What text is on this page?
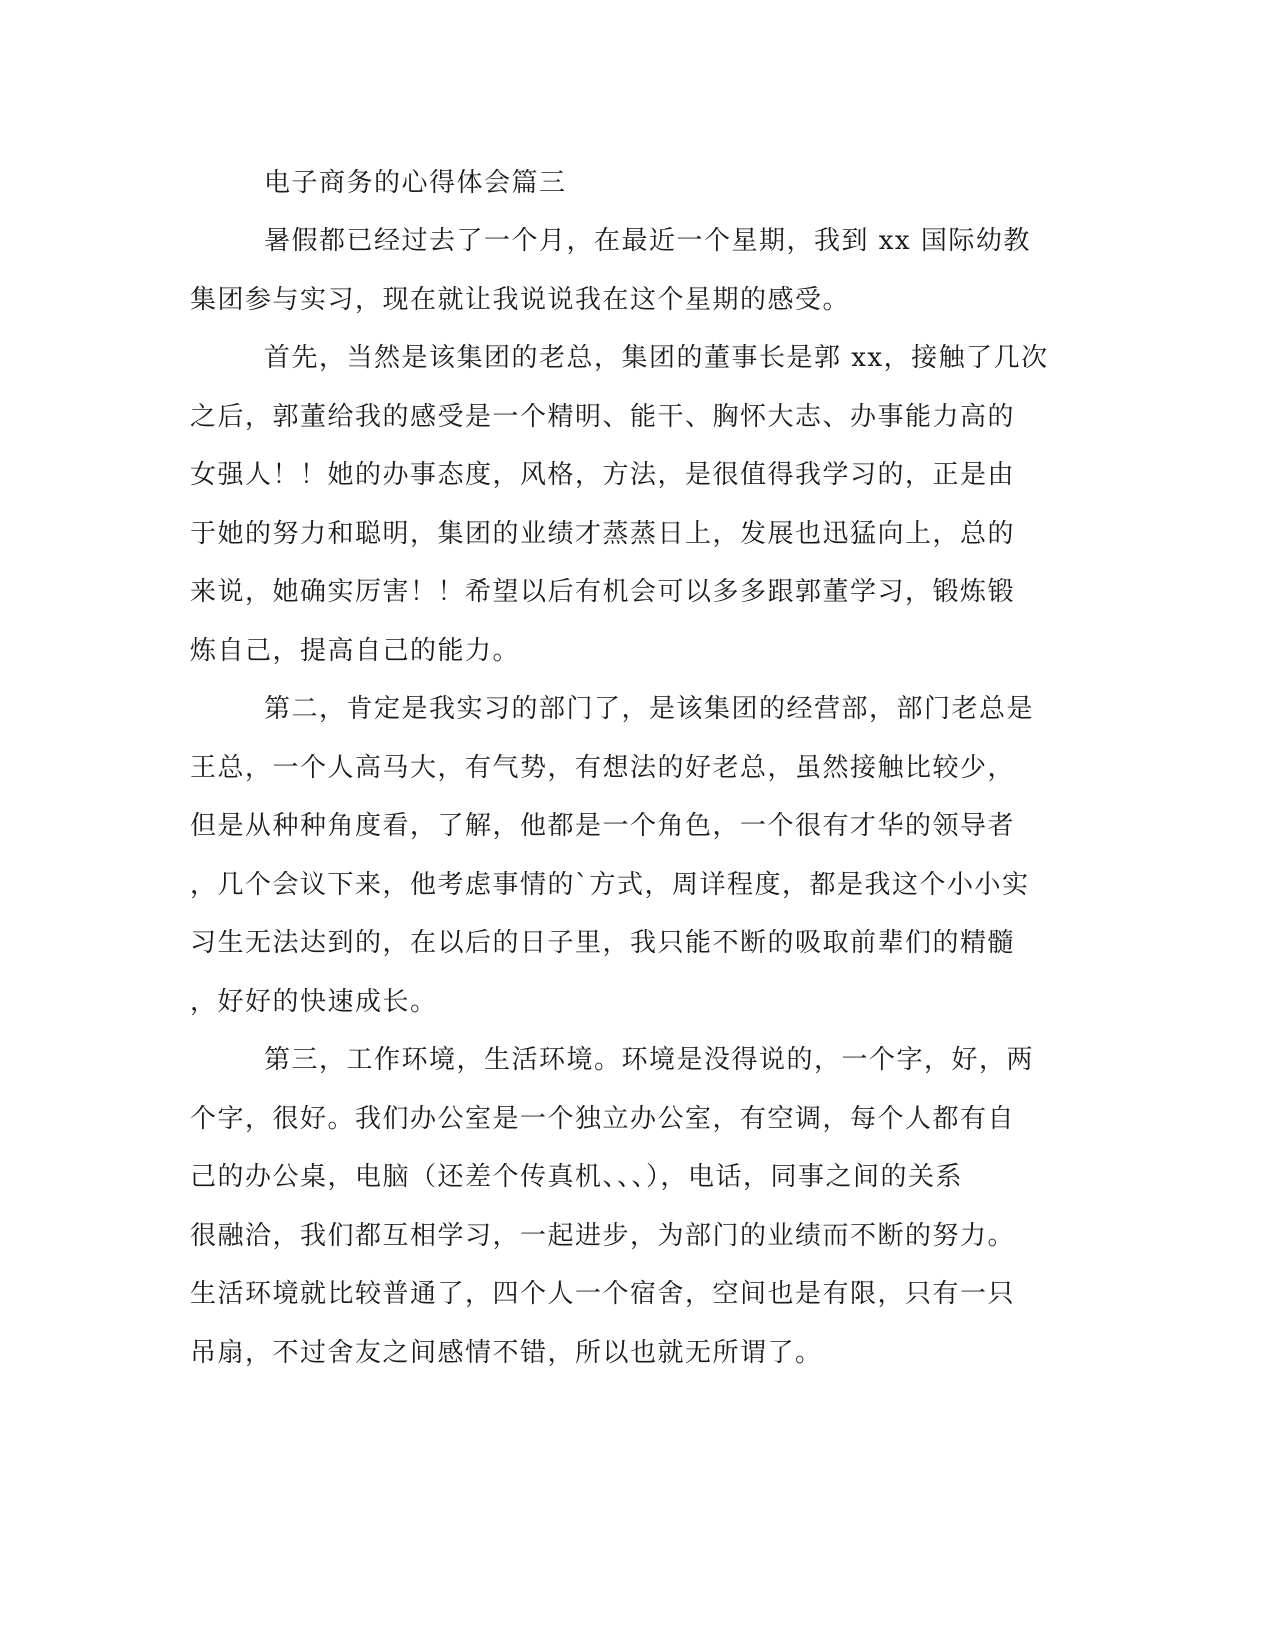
电子商务的心得体会篇三
暑假都已经过去了一个月，在最近一个星期，我到 xx 国际幼教
集团参与实习，现在就让我说说我在这个星期的感受。
首先，当然是该集团的老总，集团的董事长是郭 xx，接触了几次
之后，郭董给我的感受是一个精明、能干、胸怀大志、办事能力高的
女强人！！她的办事态度，风格，方法，是很值得我学习的，正是由
于她的努力和聪明，集团的业绩才蒸蒸日上，发展也迅猛向上，总的
来说，她确实厉害！！希望以后有机会可以多多跟郭董学习，锻炼锻
炼自己，提高自己的能力。
第二，肯定是我实习的部门了，是该集团的经营部，部门老总是
王总，一个人高马大，有气势，有想法的好老总，虽然接触比较少，
但是从种种角度看，了解，他都是一个角色，一个很有才华的领导者
，几个会议下来，他考虑事情的`方式，周详程度，都是我这个小小实
习生无法达到的，在以后的日子里，我只能不断的吸取前辈们的精髓
，好好的快速成长。
第三，工作环境，生活环境。环境是没得说的，一个字，好，两
个字，很好。我们办公室是一个独立办公室，有空调，每个人都有自
己的办公桌，电脑（还差个传真机、、、），电话，同事之间的关系
很融洽，我们都互相学习，一起进步，为部门的业绩而不断的努力。
生活环境就比较普通了，四个人一个宿舍，空间也是有限，只有一只
吊扇，不过舍友之间感情不错，所以也就无所谓了。
